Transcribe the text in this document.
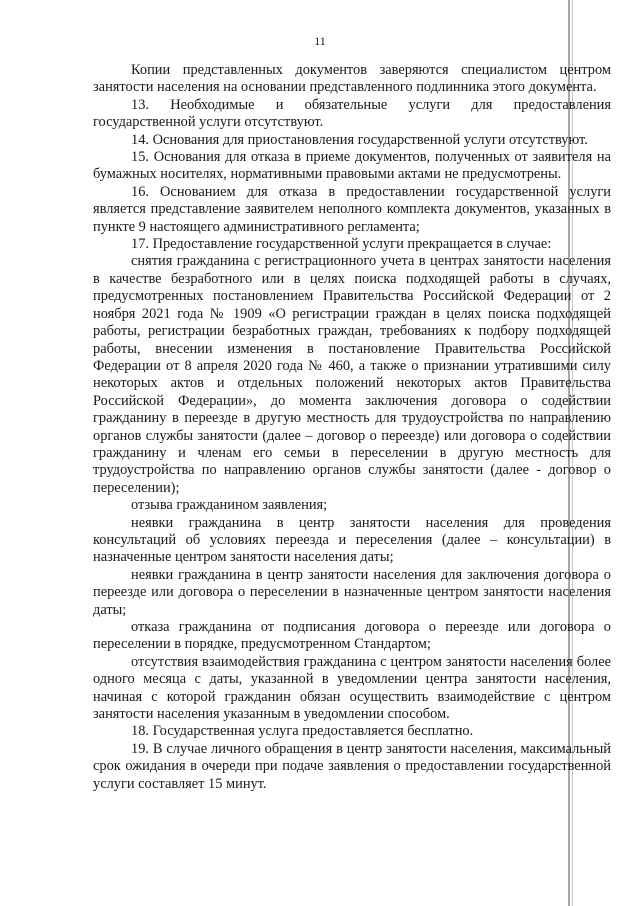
11

Копии представленных документов заверяются специалистом центром занятости населения на основании представленного подлинника этого документа.

13. Необходимые и обязательные услуги для предоставления государственной услуги отсутствуют.

14. Основания для приостановления государственной услуги отсутствуют.

15. Основания для отказа в приеме документов, полученных от заявителя на бумажных носителях, нормативными правовыми актами не предусмотрены.

16. Основанием для отказа в предоставлении государственной услуги является представление заявителем неполного комплекта документов, указанных в пункте 9 настоящего административного регламента;

17. Предоставление государственной услуги прекращается в случае:

снятия гражданина с регистрационного учета в центрах занятости населения в качестве безработного или в целях поиска подходящей работы в случаях, предусмотренных постановлением Правительства Российской Федерации от 2 ноября 2021 года № 1909 «О регистрации граждан в целях поиска подходящей работы, регистрации безработных граждан, требованиях к подбору подходящей работы, внесении изменения в постановление Правительства Российской Федерации от 8 апреля 2020 года № 460, а также о признании утратившими силу некоторых актов и отдельных положений некоторых актов Правительства Российской Федерации», до момента заключения договора о содействии гражданину в переезде в другую местность для трудоустройства по направлению органов службы занятости (далее – договор о переезде) или договора о содействии гражданину и членам его семьи в переселении в другую местность для трудоустройства по направлению органов службы занятости (далее - договор о переселении);

отзыва гражданином заявления;

неявки гражданина в центр занятости населения для проведения консультаций об условиях переезда и переселения (далее – консультации) в назначенные центром занятости населения даты;

неявки гражданина в центр занятости населения для заключения договора о переезде или договора о переселении в назначенные центром занятости населения даты;

отказа гражданина от подписания договора о переезде или договора о переселении в порядке, предусмотренном Стандартом;

отсутствия взаимодействия гражданина с центром занятости населения более одного месяца с даты, указанной в уведомлении центра занятости населения, начиная с которой гражданин обязан осуществить взаимодействие с центром занятости населения указанным в уведомлении способом.

18. Государственная услуга предоставляется бесплатно.

19. В случае личного обращения в центр занятости населения, максимальный срок ожидания в очереди при подаче заявления о предоставлении государственной услуги составляет 15 минут.
